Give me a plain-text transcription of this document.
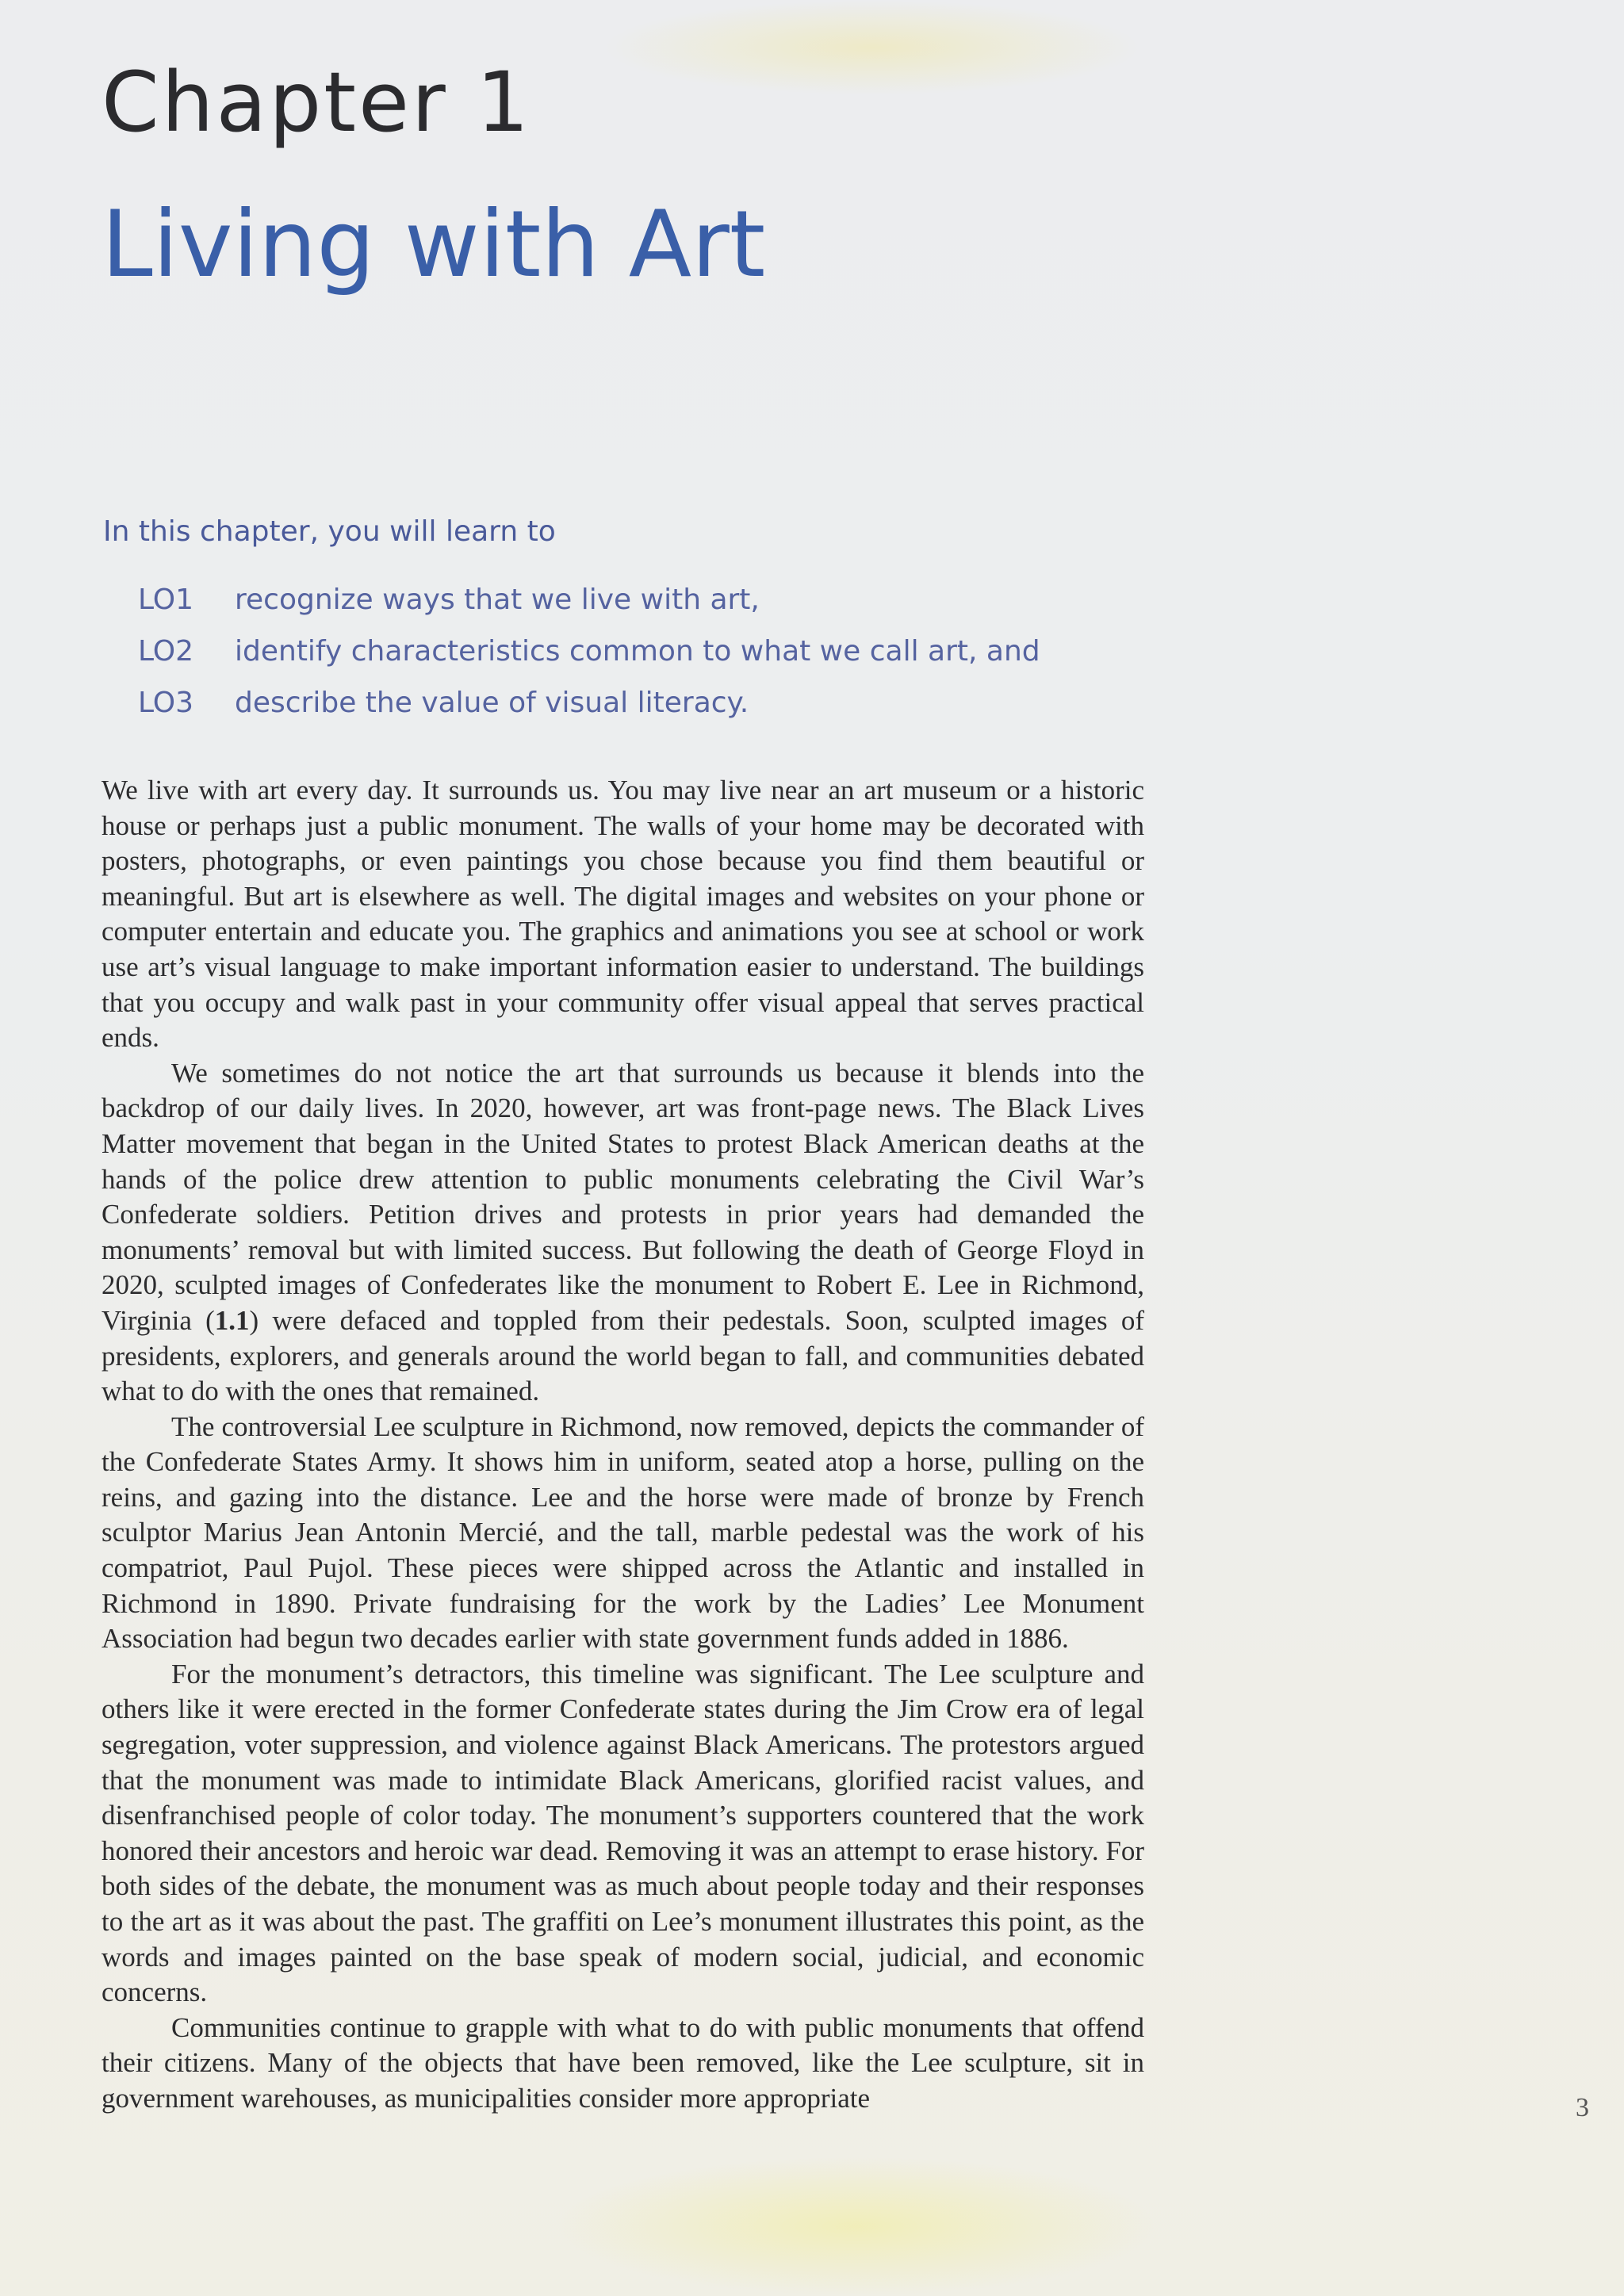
Chapter 1
Living with Art
In this chapter, you will learn to
LO1	recognize ways that we live with art,
LO2	identify characteristics common to what we call art, and
LO3	describe the value of visual literacy.

We live with art every day. It surrounds us. You may live near an art museum or a historic house or perhaps just a public monument. The walls of your home may be decorated with posters, photographs, or even paintings you chose because you find them beautiful or meaningful. But art is elsewhere as well. The digital images and websites on your phone or computer entertain and educate you. The graphics and animations you see at school or work use art’s visual language to make important information easier to understand. The buildings that you occupy and walk past in your community offer visual appeal that serves practical ends.

We sometimes do not notice the art that surrounds us because it blends into the backdrop of our daily lives. In 2020, however, art was front-page news. The Black Lives Matter movement that began in the United States to protest Black American deaths at the hands of the police drew attention to public monuments celebrating the Civil War’s Confederate soldiers. Petition drives and protests in prior years had demanded the monuments’ removal but with limited success. But following the death of George Floyd in 2020, sculpted images of Confederates like the monument to Robert E. Lee in Richmond, Virginia (1.1) were defaced and toppled from their pedestals. Soon, sculpted images of presidents, explorers, and generals around the world began to fall, and communities debated what to do with the ones that remained.

The controversial Lee sculpture in Richmond, now removed, depicts the commander of the Confederate States Army. It shows him in uniform, seated atop a horse, pulling on the reins, and gazing into the distance. Lee and the horse were made of bronze by French sculptor Marius Jean Antonin Mercié, and the tall, marble pedestal was the work of his compatriot, Paul Pujol. These pieces were shipped across the Atlantic and installed in Richmond in 1890. Private fundraising for the work by the Ladies’ Lee Monument Association had begun two decades earlier with state government funds added in 1886.

For the monument’s detractors, this timeline was significant. The Lee sculpture and others like it were erected in the former Confederate states during the Jim Crow era of legal segregation, voter suppression, and violence against Black Americans. The protestors argued that the monument was made to intimidate Black Americans, glorified racist values, and disenfranchised people of color today. The monument’s supporters countered that the work honored their ancestors and heroic war dead. Removing it was an attempt to erase history. For both sides of the debate, the monument was as much about people today and their responses to the art as it was about the past. The graffiti on Lee’s monument illustrates this point, as the words and images painted on the base speak of modern social, judicial, and economic concerns.

Communities continue to grapple with what to do with public monuments that offend their citizens. Many of the objects that have been removed, like the Lee sculpture, sit in government warehouses, as municipalities consider more appropriate	3
